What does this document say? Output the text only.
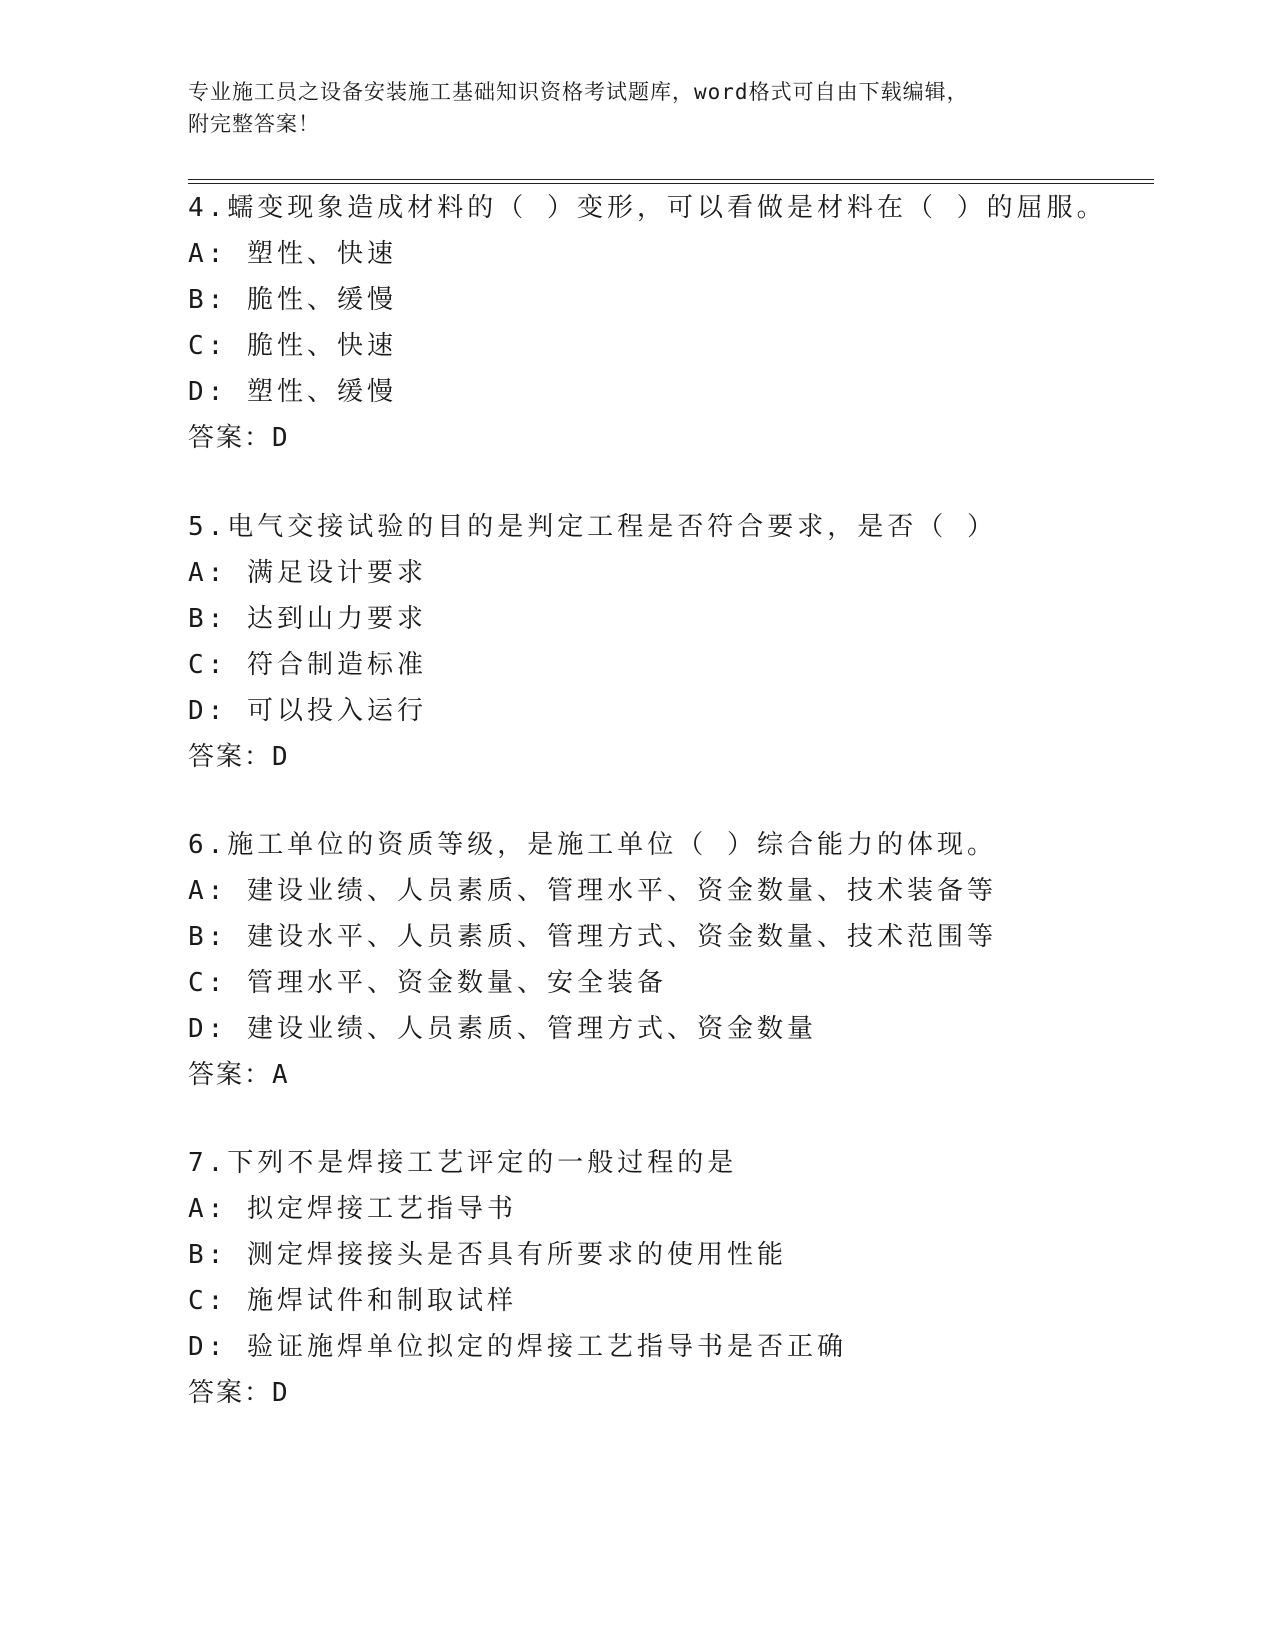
专业施工员之设备安装施工基础知识资格考试题库，word格式可自由下载编辑，
附完整答案！
4.蠕变现象造成材料的（ ）变形，可以看做是材料在（ ）的屈服。
A: 塑性、快速
B: 脆性、缓慢
C: 脆性、快速
D: 塑性、缓慢
答案：D
5.电气交接试验的目的是判定工程是否符合要求，是否（ ）
A: 满足设计要求
B: 达到山力要求
C: 符合制造标准
D: 可以投入运行
答案：D
6.施工单位的资质等级，是施工单位（ ）综合能力的体现。
A: 建设业绩、人员素质、管理水平、资金数量、技术装备等
B: 建设水平、人员素质、管理方式、资金数量、技术范围等
C: 管理水平、资金数量、安全装备
D: 建设业绩、人员素质、管理方式、资金数量
答案：A
7.下列不是焊接工艺评定的一般过程的是
A: 拟定焊接工艺指导书
B: 测定焊接接头是否具有所要求的使用性能
C: 施焊试件和制取试样
D: 验证施焊单位拟定的焊接工艺指导书是否正确
答案：D
